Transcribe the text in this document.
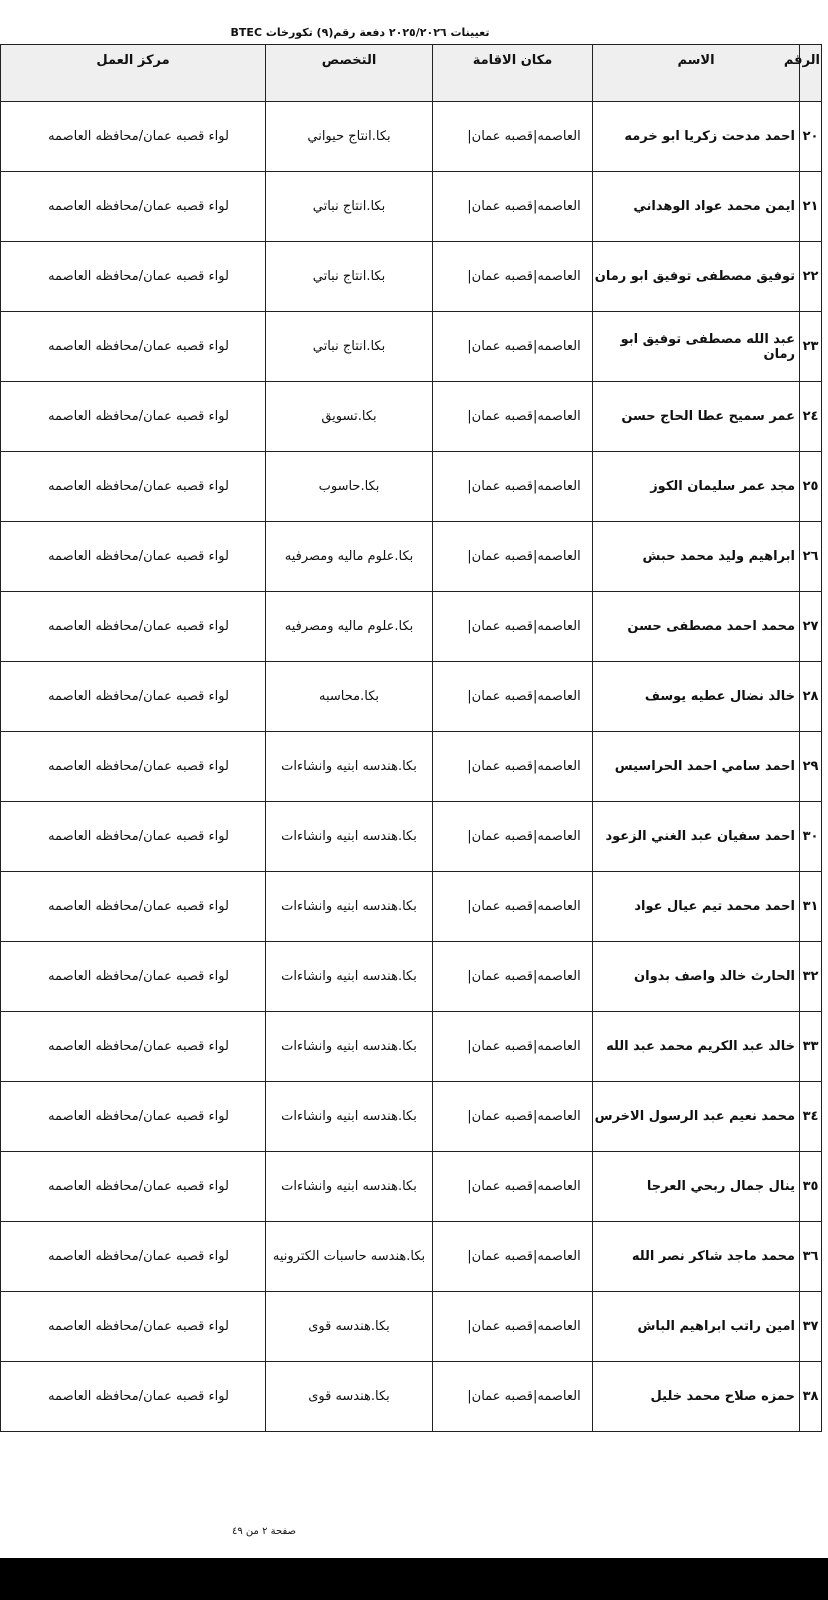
تعيينات ٢٠٢٥/٢٠٢٦ دفعة رقم(٩) تكورخات BTEC
الرقم	الاسم	مكان الاقامة	التخصص	مركز العمل
٢٠	احمد مدحت زكريا ابو خرمه	العاصمه|قصبه عمان|	بكا.انتاج حيواني	لواء قصبه عمان/محافظه العاصمه
٢١	ايمن محمد عواد الوهداني	العاصمه|قصبه عمان|	بكا.انتاج نباتي	لواء قصبه عمان/محافظه العاصمه
٢٢	توفيق مصطفى توفيق ابو رمان	العاصمه|قصبه عمان|	بكا.انتاج نباتي	لواء قصبه عمان/محافظه العاصمه
٢٣	عبد الله مصطفى توفيق ابو رمان	العاصمه|قصبه عمان|	بكا.انتاج نباتي	لواء قصبه عمان/محافظه العاصمه
٢٤	عمر سميح عطا الحاج حسن	العاصمه|قصبه عمان|	بكا.تسويق	لواء قصبه عمان/محافظه العاصمه
٢٥	مجد عمر سليمان الكوز	العاصمه|قصبه عمان|	بكا.حاسوب	لواء قصبه عمان/محافظه العاصمه
٢٦	ابراهيم وليد محمد حبش	العاصمه|قصبه عمان|	بكا.علوم ماليه ومصرفيه	لواء قصبه عمان/محافظه العاصمه
٢٧	محمد احمد مصطفى حسن	العاصمه|قصبه عمان|	بكا.علوم ماليه ومصرفيه	لواء قصبه عمان/محافظه العاصمه
٢٨	خالد نضال عطيه يوسف	العاصمه|قصبه عمان|	بكا.محاسبه	لواء قصبه عمان/محافظه العاصمه
٢٩	احمد سامي احمد الحراسيس	العاصمه|قصبه عمان|	بكا.هندسه ابنيه وانشاءات	لواء قصبه عمان/محافظه العاصمه
٣٠	احمد سفيان عبد الغني الزعود	العاصمه|قصبه عمان|	بكا.هندسه ابنيه وانشاءات	لواء قصبه عمان/محافظه العاصمه
٣١	احمد محمد تيم عيال عواد	العاصمه|قصبه عمان|	بكا.هندسه ابنيه وانشاءات	لواء قصبه عمان/محافظه العاصمه
٣٢	الحارث خالد واصف بدوان	العاصمه|قصبه عمان|	بكا.هندسه ابنيه وانشاءات	لواء قصبه عمان/محافظه العاصمه
٣٣	خالد عبد الكريم محمد عبد الله	العاصمه|قصبه عمان|	بكا.هندسه ابنيه وانشاءات	لواء قصبه عمان/محافظه العاصمه
٣٤	محمد نعيم عبد الرسول الاخرس	العاصمه|قصبه عمان|	بكا.هندسه ابنيه وانشاءات	لواء قصبه عمان/محافظه العاصمه
٣٥	ينال جمال ربحي العرجا	العاصمه|قصبه عمان|	بكا.هندسه ابنيه وانشاءات	لواء قصبه عمان/محافظه العاصمه
٣٦	محمد ماجد شاكر نصر الله	العاصمه|قصبه عمان|	بكا.هندسه حاسبات الكترونيه	لواء قصبه عمان/محافظه العاصمه
٣٧	امين راتب ابراهيم الباش	العاصمه|قصبه عمان|	بكا.هندسه قوى	لواء قصبه عمان/محافظه العاصمه
٣٨	حمزه صلاح محمد خليل	العاصمه|قصبه عمان|	بكا.هندسه قوى	لواء قصبه عمان/محافظه العاصمه
صفحة ٢ من ٤٩
